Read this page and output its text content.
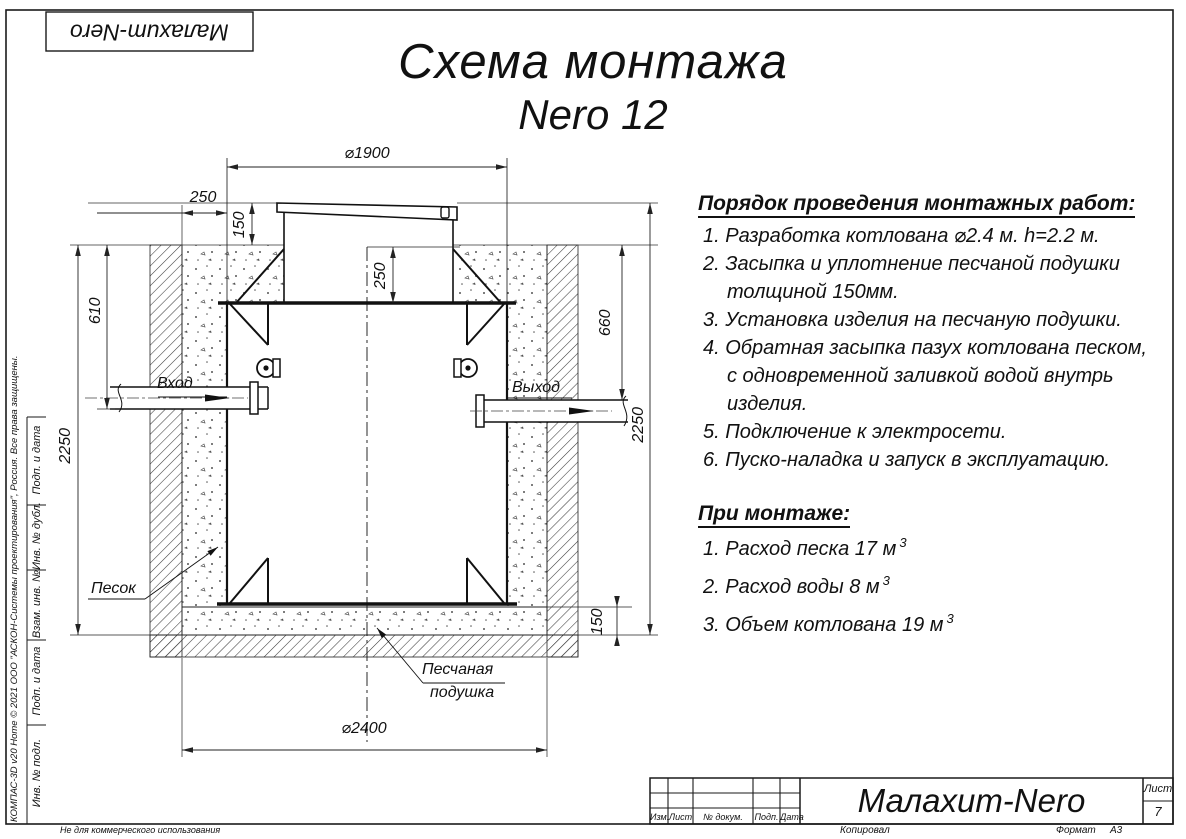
Малахит-Nero
Схема монтажа
Nero 12
⌀1900
250
150
250
610
2250
660
2250
150
⌀2400
Вход	Выход
Песок
Песчаная
подушка
Порядок проведения монтажных работ:
1. Разработка котлована ⌀2.4 м. h=2.2 м.
2. Засыпка и уплотнение песчаной подушки
толщиной 150мм.
3. Установка изделия на песчаную подушки.
4. Обратная засыпка пазух котлована песком,
с одновременной заливкой водой внутрь
изделия.
5. Подключение к электросети.
6. Пуско-наладка и запуск в эксплуатацию.
При монтаже:
1. Расход песка 17 м $^3$
2. Расход воды 8 м $^3$
3. Объем котлована 19 м $^3$
Подп. и дата
Инв. № дубл.
Взам. инв. №
Подп. и дата
Инв. № подл.
КОМПАС-3D v20 Home © 2021 ООО "АСКОН-Системы проектирования", Россия. Все права защищены.	Изм. Лист	№ докум.	Подп. Дата	Малахит-Nero	Лист
7
Не для коммерческого использования	Копировал	Формат А3
